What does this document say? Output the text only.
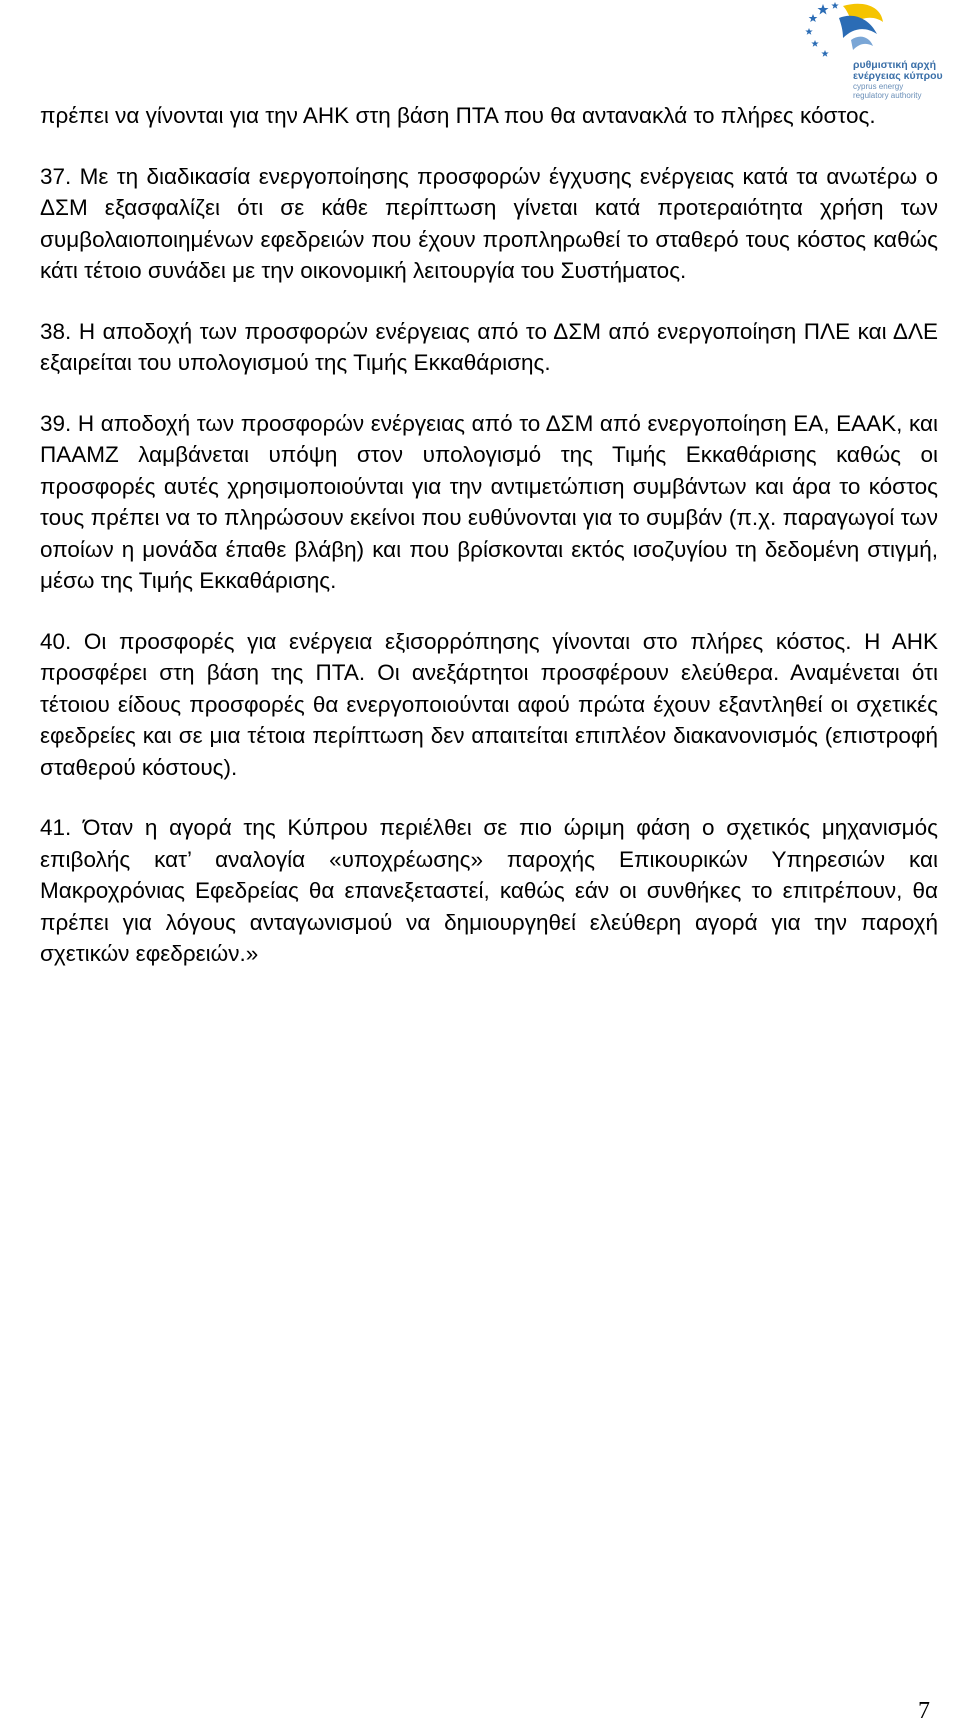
ρυθμιστική αρχή
ενέργειας κύπρου
cyprus energy
regulatory authority

πρέπει να γίνονται για την ΑΗΚ στη βάση ΠΤΑ που θα αντανακλά το πλήρες κόστος.

37. Με τη διαδικασία ενεργοποίησης προσφορών έγχυσης ενέργειας κατά τα ανωτέρω ο ΔΣΜ εξασφαλίζει ότι σε κάθε περίπτωση γίνεται κατά προτεραιότητα χρήση των συμβολαιοποιημένων εφεδρειών που έχουν προπληρωθεί το σταθερό τους κόστος καθώς κάτι τέτοιο συνάδει με την οικονομική λειτουργία του Συστήματος.
38. Η αποδοχή των προσφορών ενέργειας από το ΔΣΜ από ενεργοποίηση ΠΛΕ και ΔΛΕ εξαιρείται του υπολογισμού της Τιμής Εκκαθάρισης.
39. Η αποδοχή των προσφορών ενέργειας από το ΔΣΜ από ενεργοποίηση ΕΑ, ΕΑΑΚ, και ΠΑΑΜΖ λαμβάνεται υπόψη στον υπολογισμό της Τιμής Εκκαθάρισης καθώς οι προσφορές αυτές χρησιμοποιούνται για την αντιμετώπιση συμβάντων και άρα το κόστος τους πρέπει να το πληρώσουν εκείνοι που ευθύνονται για το συμβάν (π.χ. παραγωγοί των οποίων η μονάδα έπαθε βλάβη) και που βρίσκονται εκτός ισοζυγίου τη δεδομένη στιγμή, μέσω της Τιμής Εκκαθάρισης.
40. Οι προσφορές για ενέργεια εξισορρόπησης γίνονται στο πλήρες κόστος. Η ΑΗΚ προσφέρει στη βάση της ΠΤΑ. Οι ανεξάρτητοι προσφέρουν ελεύθερα. Αναμένεται ότι τέτοιου είδους προσφορές θα ενεργοποιούνται αφού πρώτα έχουν εξαντληθεί οι σχετικές εφεδρείες και σε μια τέτοια περίπτωση δεν απαιτείται επιπλέον διακανονισμός (επιστροφή σταθερού κόστους).
41. Όταν η αγορά της Κύπρου περιέλθει σε πιο ώριμη φάση ο σχετικός μηχανισμός επιβολής κατ’ αναλογία «υποχρέωσης» παροχής Επικουρικών Υπηρεσιών και Μακροχρόνιας Εφεδρείας θα επανεξεταστεί, καθώς εάν οι συνθήκες το επιτρέπουν, θα πρέπει για λόγους ανταγωνισμού να δημιουργηθεί ελεύθερη αγορά για την παροχή σχετικών εφεδρειών.»
7
